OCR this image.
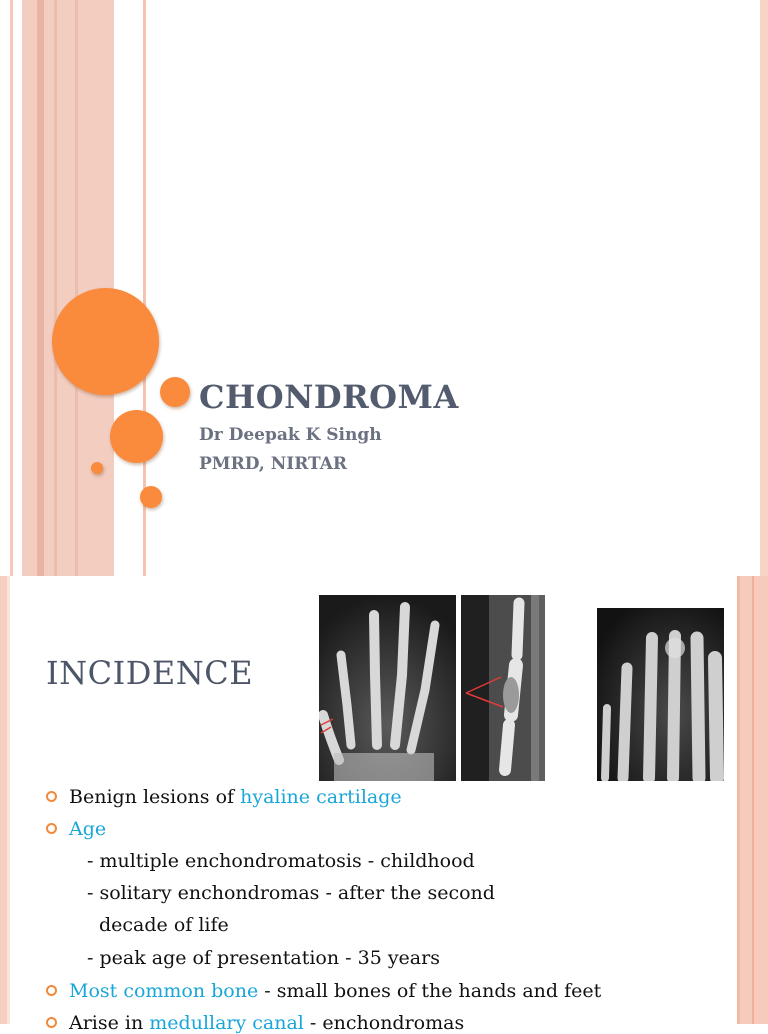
CHONDROMA

Dr Deepak K Singh

PMRD, NIRTAR

INCIDENCE

Benign lesions of hyaline cartilage

Age

- multiple enchondromatosis - childhood

- solitary enchondromas - after the second

decade of life

- peak age of presentation - 35 years

Most common bone - small bones of the hands and feet

Arise in medullary canal - enchondromas
